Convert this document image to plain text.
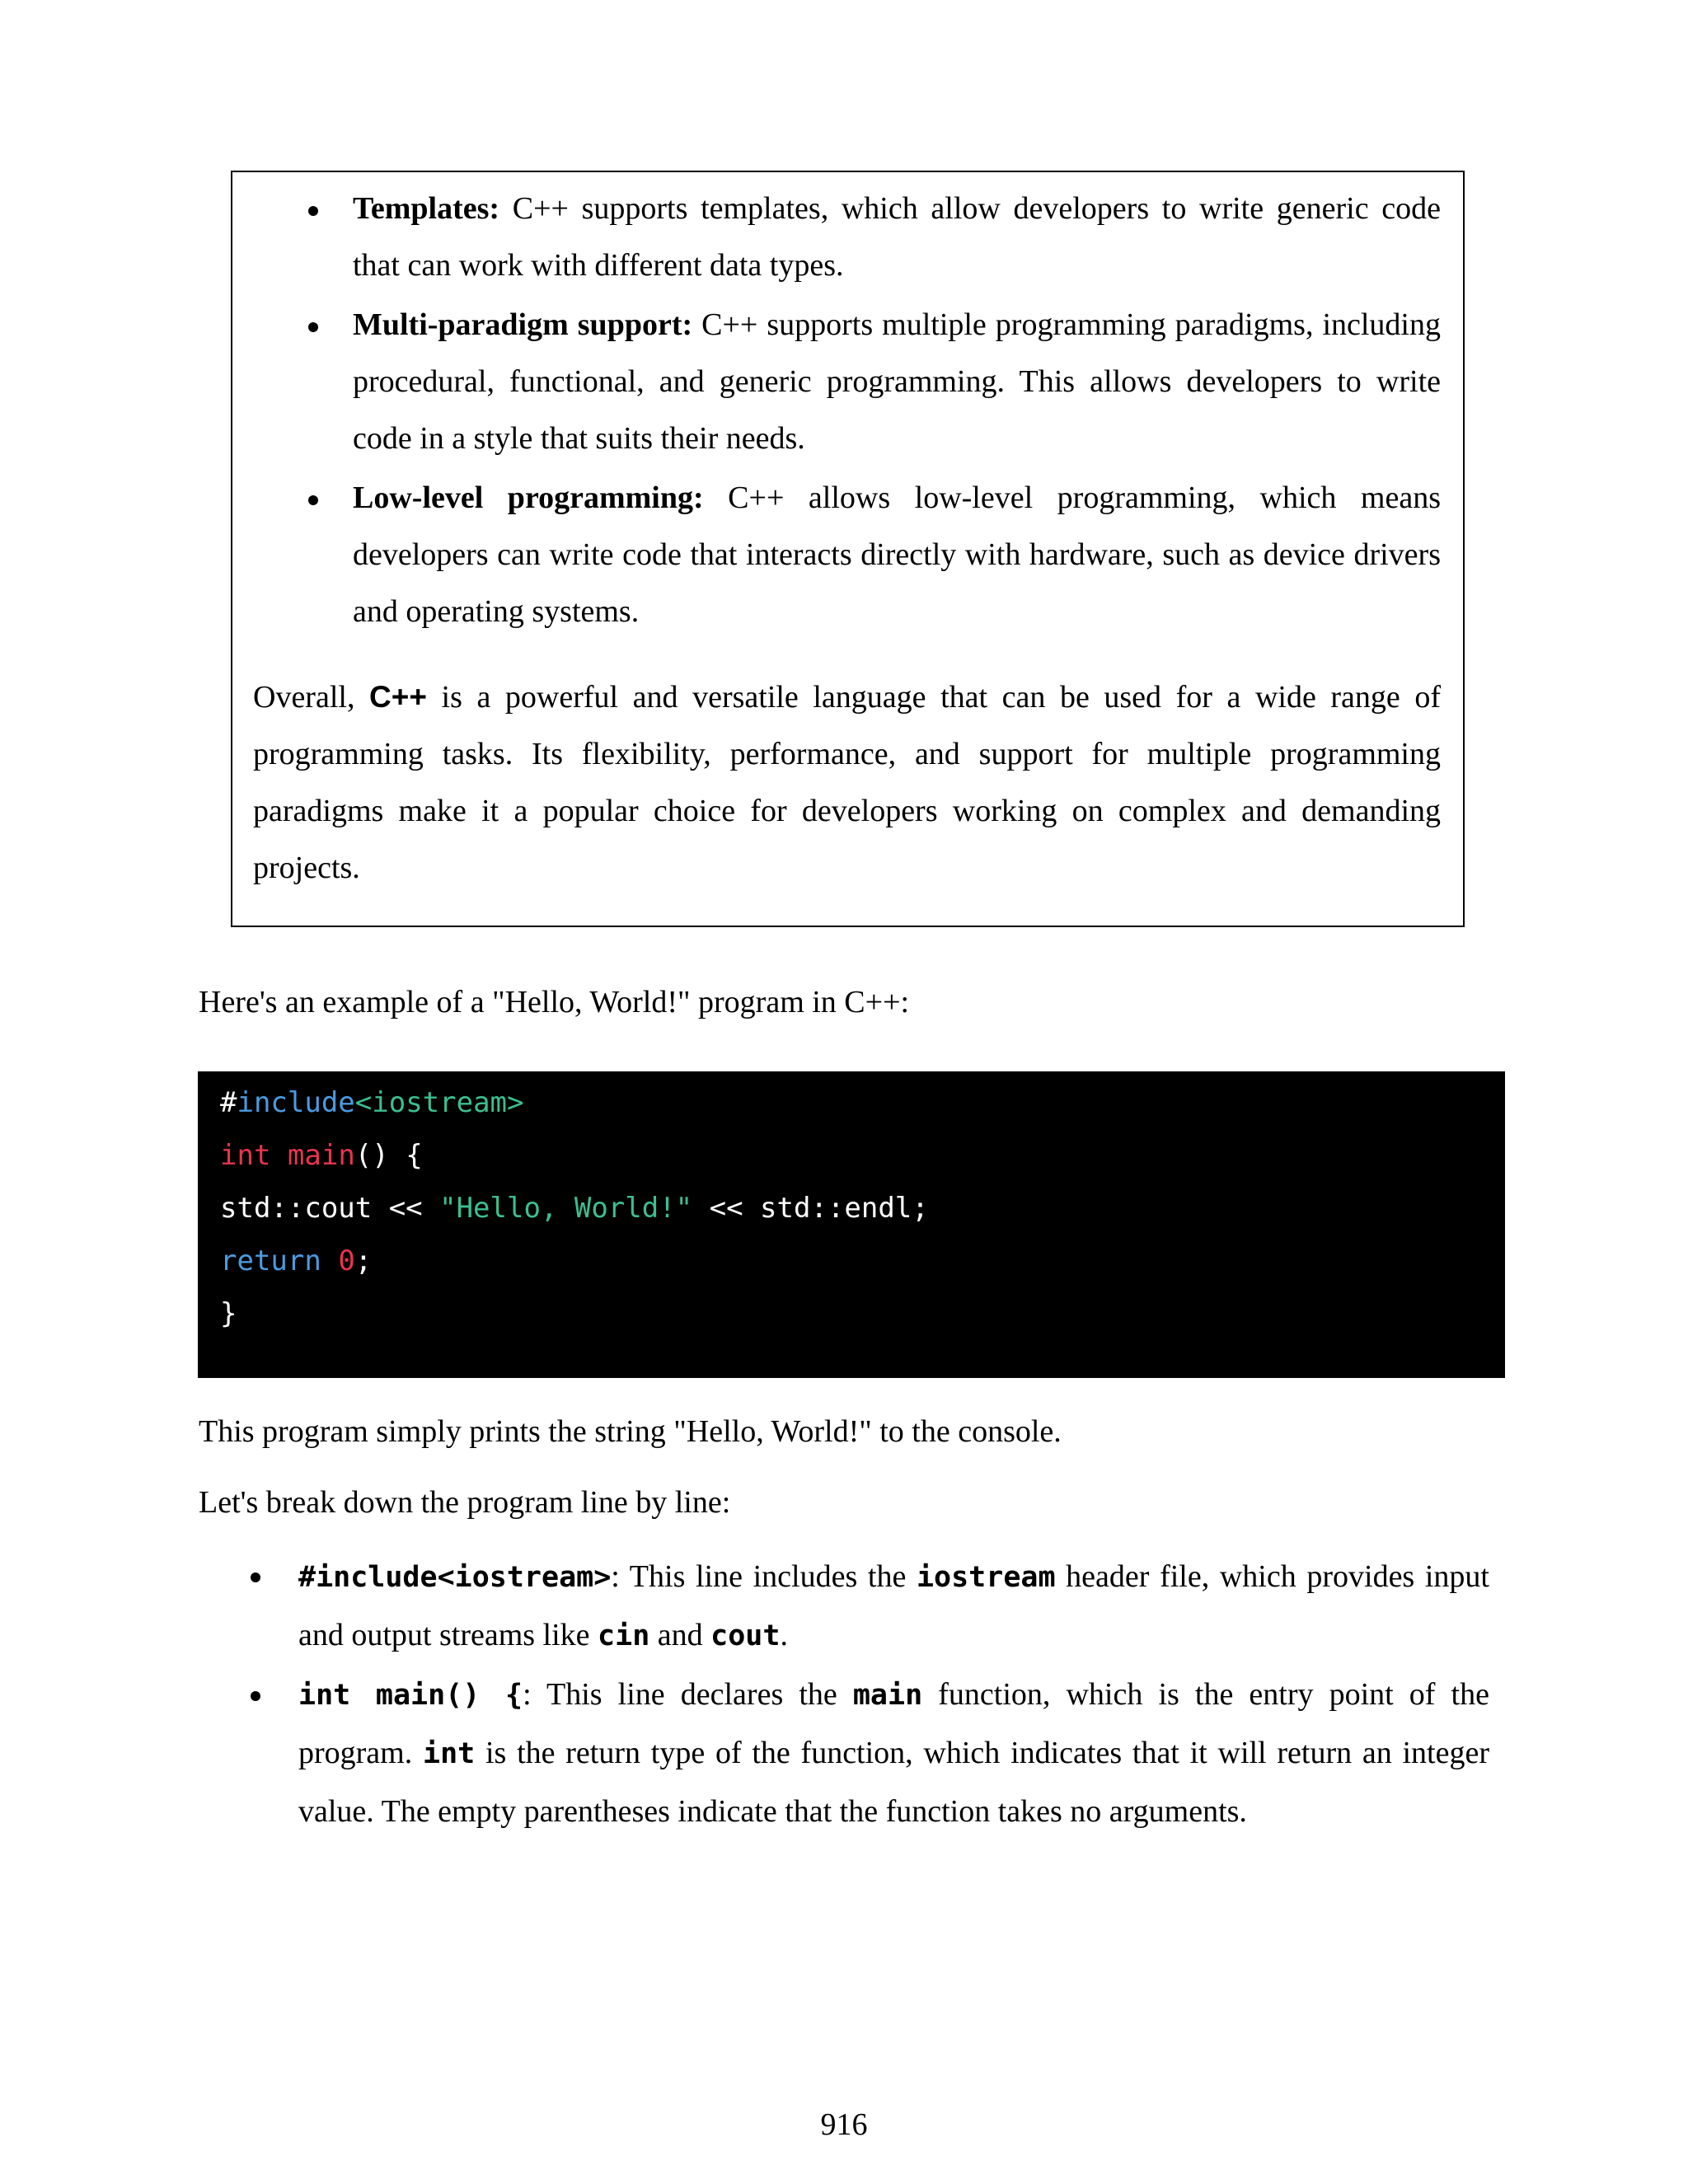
Templates: C++ supports templates, which allow developers to write generic code that can work with different data types.
Multi-paradigm support: C++ supports multiple programming paradigms, including procedural, functional, and generic programming. This allows developers to write code in a style that suits their needs.
Low-level programming: C++ allows low-level programming, which means developers can write code that interacts directly with hardware, such as device drivers and operating systems.
Overall, C++ is a powerful and versatile language that can be used for a wide range of programming tasks. Its flexibility, performance, and support for multiple programming paradigms make it a popular choice for developers working on complex and demanding projects.
Here's an example of a "Hello, World!" program in C++:
#include<iostream>
int main() {
std::cout << "Hello, World!" << std::endl;
return 0;
}
This program simply prints the string "Hello, World!" to the console.
Let's break down the program line by line:
#include<iostream>: This line includes the iostream header file, which provides input and output streams like cin and cout.
int main() {: This line declares the main function, which is the entry point of the program. int is the return type of the function, which indicates that it will return an integer value. The empty parentheses indicate that the function takes no arguments.
916
